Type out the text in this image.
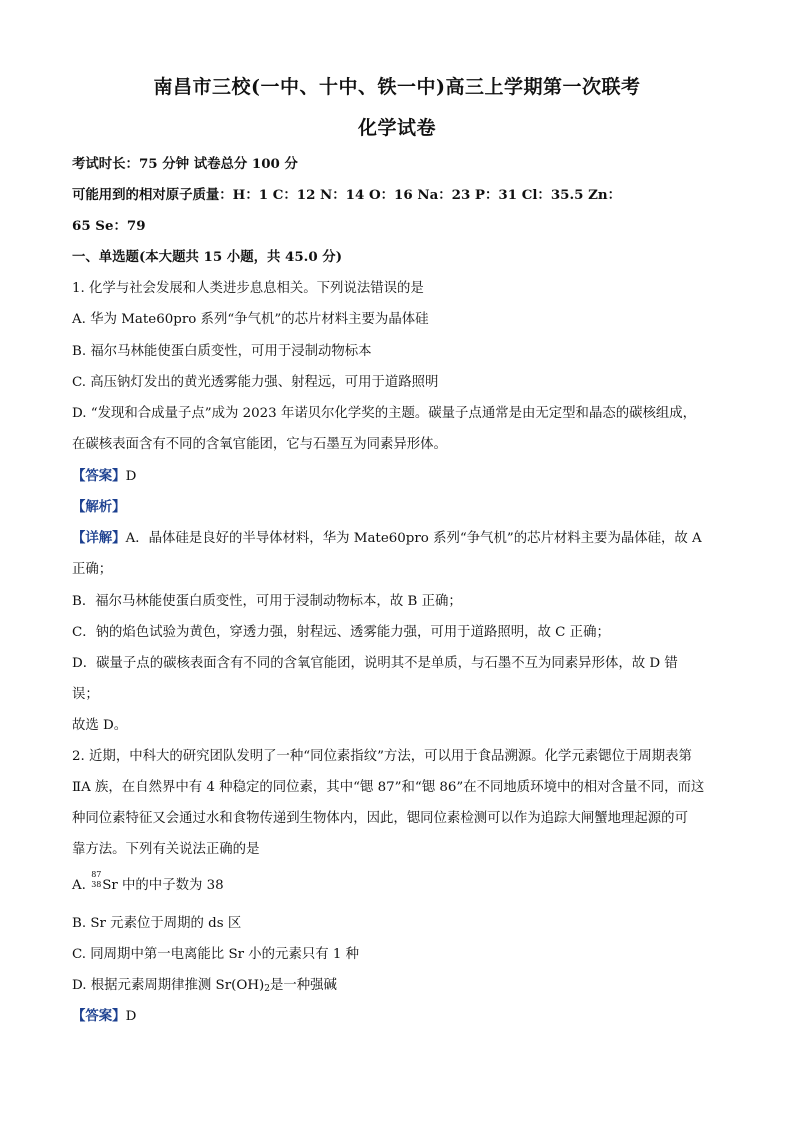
南昌市三校(一中、十中、铁一中)高三上学期第一次联考
化学试卷
考试时长：75 分钟 试卷总分 100 分
可能用到的相对原子质量：H：1 C：12 N：14 O：16 Na：23 P：31 Cl：35.5 Zn：
65 Se：79
一、单选题(本大题共 15 小题，共 45.0 分)
1. 化学与社会发展和人类进步息息相关。下列说法错误的是
A. 华为 Mate60pro 系列“争气机”的芯片材料主要为晶体硅
B. 福尔马林能使蛋白质变性，可用于浸制动物标本
C. 高压钠灯发出的黄光透雾能力强、射程远，可用于道路照明
D. “发现和合成量子点”成为 2023 年诺贝尔化学奖的主题。碳量子点通常是由无定型和晶态的碳核组成，
在碳核表面含有不同的含氧官能团，它与石墨互为同素异形体。
【答案】D
【解析】
【详解】A．晶体硅是良好的半导体材料，华为 Mate60pro 系列“争气机”的芯片材料主要为晶体硅，故 A
正确；
B．福尔马林能使蛋白质变性，可用于浸制动物标本，故 B 正确；
C．钠的焰色试验为黄色，穿透力强，射程远、透雾能力强，可用于道路照明，故 C 正确；
D．碳量子点的碳核表面含有不同的含氧官能团，说明其不是单质，与石墨不互为同素异形体，故 D 错
误；
故选 D。
2. 近期，中科大的研究团队发明了一种“同位素指纹”方法，可以用于食品溯源。化学元素锶位于周期表第
ⅡA 族，在自然界中有 4 种稳定的同位素，其中“锶 87”和“锶 86”在不同地质环境中的相对含量不同，而这
种同位素特征又会通过水和食物传递到生物体内，因此，锶同位素检测可以作为追踪大闸蟹地理起源的可
靠方法。下列有关说法正确的是
A.
87
38 Sr 中的中子数为 38
B. Sr 元素位于周期的 ds 区
C. 同周期中第一电离能比 Sr 小的元素只有 1 种
D. 根据元素周期律推测 $Sr(OH)_2$是一种强碱
【答案】D
